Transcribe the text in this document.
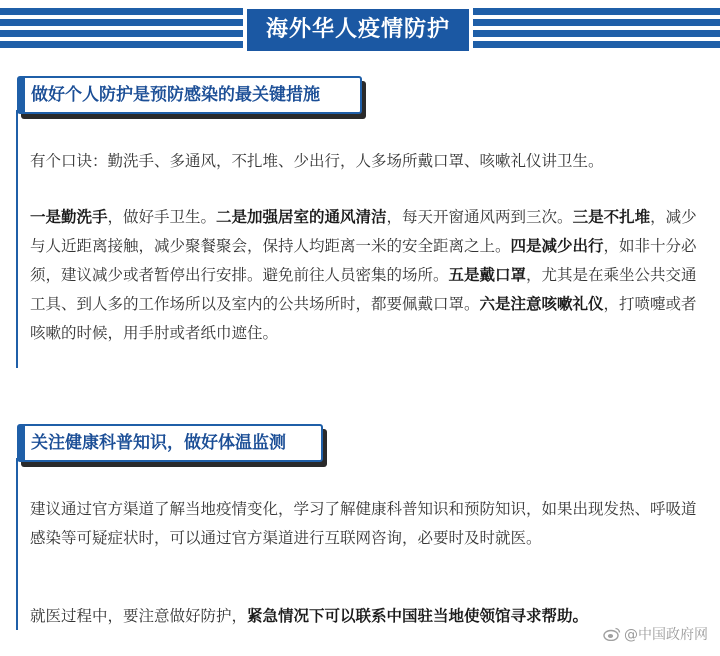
海外华人疫情防护
做好个人防护是预防感染的最关键措施
有个口诀：勤洗手、多通风，不扎堆、少出行，人多场所戴口罩、咳嗽礼仪讲卫生。
一是勤洗手，做好手卫生。二是加强居室的通风清洁，每天开窗通风两到三次。三是不扎堆，减少与人近距离接触，减少聚餐聚会，保持人均距离一米的安全距离之上。四是减少出行，如非十分必须，建议减少或者暂停出行安排。避免前往人员密集的场所。五是戴口罩，尤其是在乘坐公共交通工具、到人多的工作场所以及室内的公共场所时，都要佩戴口罩。六是注意咳嗽礼仪，打喷嚏或者咳嗽的时候，用手肘或者纸巾遮住。
关注健康科普知识，做好体温监测
建议通过官方渠道了解当地疫情变化，学习了解健康科普知识和预防知识，如果出现发热、呼吸道感染等可疑症状时，可以通过官方渠道进行互联网咨询，必要时及时就医。
就医过程中，要注意做好防护，紧急情况下可以联系中国驻当地使领馆寻求帮助。
@中国政府网
